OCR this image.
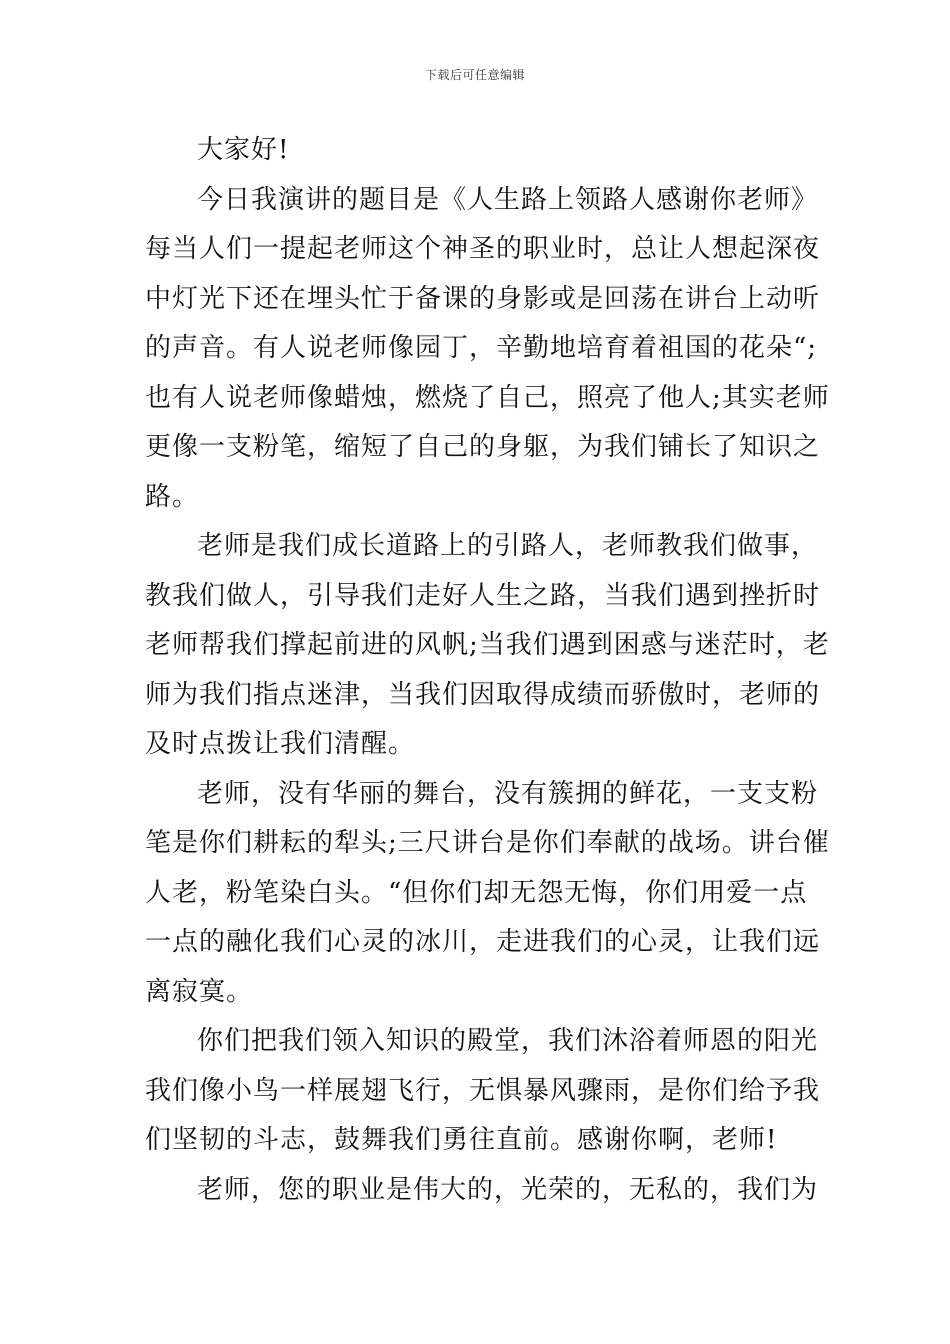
下载后可任意编辑
大家好!
今日我演讲的题目是《人生路上领路人感谢你老师》
每当人们一提起老师这个神圣的职业时，总让人想起深夜
中灯光下还在埋头忙于备课的身影或是回荡在讲台上动听
的声音。有人说老师像园丁，辛勤地培育着祖国的花朵“;
也有人说老师像蜡烛，燃烧了自己，照亮了他人;其实老师
更像一支粉笔，缩短了自己的身躯，为我们铺长了知识之
路。
老师是我们成长道路上的引路人，老师教我们做事，
教我们做人，引导我们走好人生之路，当我们遇到挫折时
老师帮我们撑起前进的风帆;当我们遇到困惑与迷茫时，老
师为我们指点迷津，当我们因取得成绩而骄傲时，老师的
及时点拨让我们清醒。
老师，没有华丽的舞台，没有簇拥的鲜花，一支支粉
笔是你们耕耘的犁头;三尺讲台是你们奉献的战场。讲台催
人老，粉笔染白头。“但你们却无怨无悔，你们用爱一点
一点的融化我们心灵的冰川，走进我们的心灵，让我们远
离寂寞。
你们把我们领入知识的殿堂，我们沐浴着师恩的阳光
我们像小鸟一样展翅飞行，无惧暴风骤雨，是你们给予我
们坚韧的斗志，鼓舞我们勇往直前。感谢你啊，老师!
老师，您的职业是伟大的，光荣的，无私的，我们为
